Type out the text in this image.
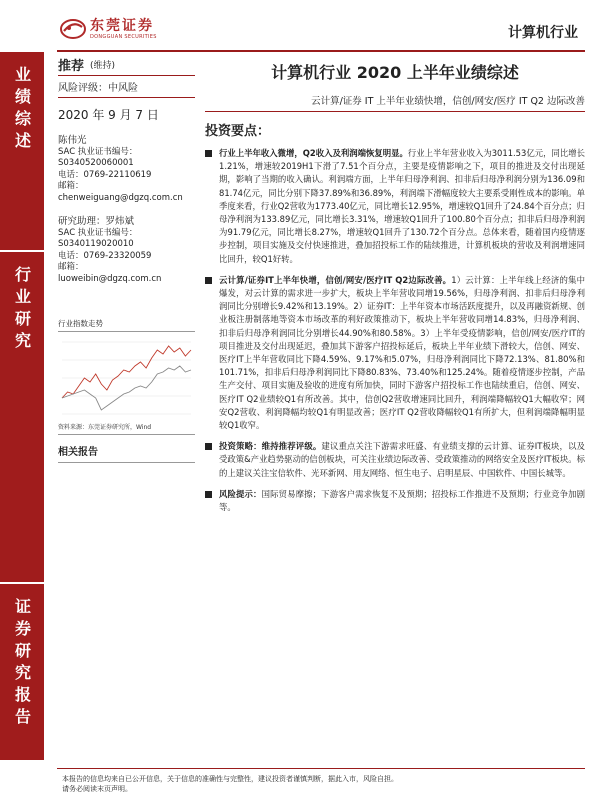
东莞证券
DONGGUAN SECURITIES	计算机行业
业绩综述
行业研究
证券研究报告
推荐 (维持)
风险评级：中风险
2020 年 9 月 7 日
陈伟光
SAC 执业证书编号：
S0340520060001
电话：0769-22110619
邮箱：
chenweiguang@dgzq.com.cn
研究助理：罗炜斌
SAC 执业证书编号：
S0340119020010
电话：0769-23320059
邮箱：
luoweibin@dgzq.com.cn
行业指数走势
资料来源：东莞证券研究所，Wind
相关报告
计算机行业 2020 上半年业绩综述
云计算/证券 IT 上半年业绩快增，信创/网安/医疗 IT Q2 边际改善
投资要点：
行业上半年收入微增，Q2收入及利润端恢复明显。行业上半年营业收入为3011.53亿元，同比增长1.21%，增速较2019H1下滑了7.51个百分点，主要是疫情影响之下，项目的推进及交付出现延期，影响了当期的收入确认。利润端方面，上半年归母净利润、扣非后归母净利润分别为136.09和81.74亿元，同比分别下降37.89%和36.89%，利润端下滑幅度较大主要系受刚性成本的影响。单季度来看，行业Q2营收为1773.40亿元，同比增长12.95%，增速较Q1回升了24.84个百分点；归母净利润为133.89亿元，同比增长3.31%，增速较Q1回升了100.80个百分点；扣非后归母净利润为91.79亿元，同比增长8.27%，增速较Q1回升了130.72个百分点。总体来看，随着国内疫情逐步控制，项目实施及交付快速推进，叠加招投标工作的陆续推进，计算机板块的营收及利润增速同比回升，较Q1好转。
云计算/证券IT上半年快增，信创/网安/医疗IT Q2边际改善。1）云计算：上半年线上经济的集中爆发，对云计算的需求进一步扩大，板块上半年营收同增19.56%，归母净利润、扣非后归母净利润同比分别增长9.42%和13.19%。2）证券IT：上半年资本市场活跃度提升，以及再融资新规、创业板注册制落地等资本市场改革的利好政策推动下，板块上半年营收同增14.83%，归母净利润、扣非后归母净利润同比分别增长44.90%和80.58%。3）上半年受疫情影响，信创/网安/医疗IT的项目推进及交付出现延迟，叠加其下游客户招投标延后，板块上半年业绩下滑较大，信创、网安、医疗IT上半年营收同比下降4.59%、9.17%和5.07%，归母净利润同比下降72.13%、81.80%和101.71%，扣非后归母净利润同比下降80.83%、73.40%和125.24%。随着疫情逐步控制，产品生产交付、项目实施及验收的进度有所加快，同时下游客户招投标工作也陆续重启，信创、网安、医疗IT Q2业绩较Q1有所改善。其中，信创Q2营收增速同比回升，利润端降幅较Q1大幅收窄；网安Q2营收、利润降幅均较Q1有明显改善；医疗IT Q2营收降幅较Q1有所扩大，但利润端降幅明显较Q1收窄。
投资策略：维持推荐评级。建议重点关注下游需求旺盛、有业绩支撑的云计算、证券IT板块，以及受政策&产业趋势驱动的信创板块，可关注业绩边际改善、受政策推动的网络安全及医疗IT板块。标的上建议关注宝信软件、光环新网、用友网络、恒生电子、启明星辰、中国软件、中国长城等。
风险提示：国际贸易摩擦；下游客户需求恢复不及预期；招投标工作推进不及预期；行业竞争加剧等。
本报告的信息均来自已公开信息，关于信息的准确性与完整性，建议投资者谨慎判断，据此入市，风险自担。
请务必阅读末页声明。
